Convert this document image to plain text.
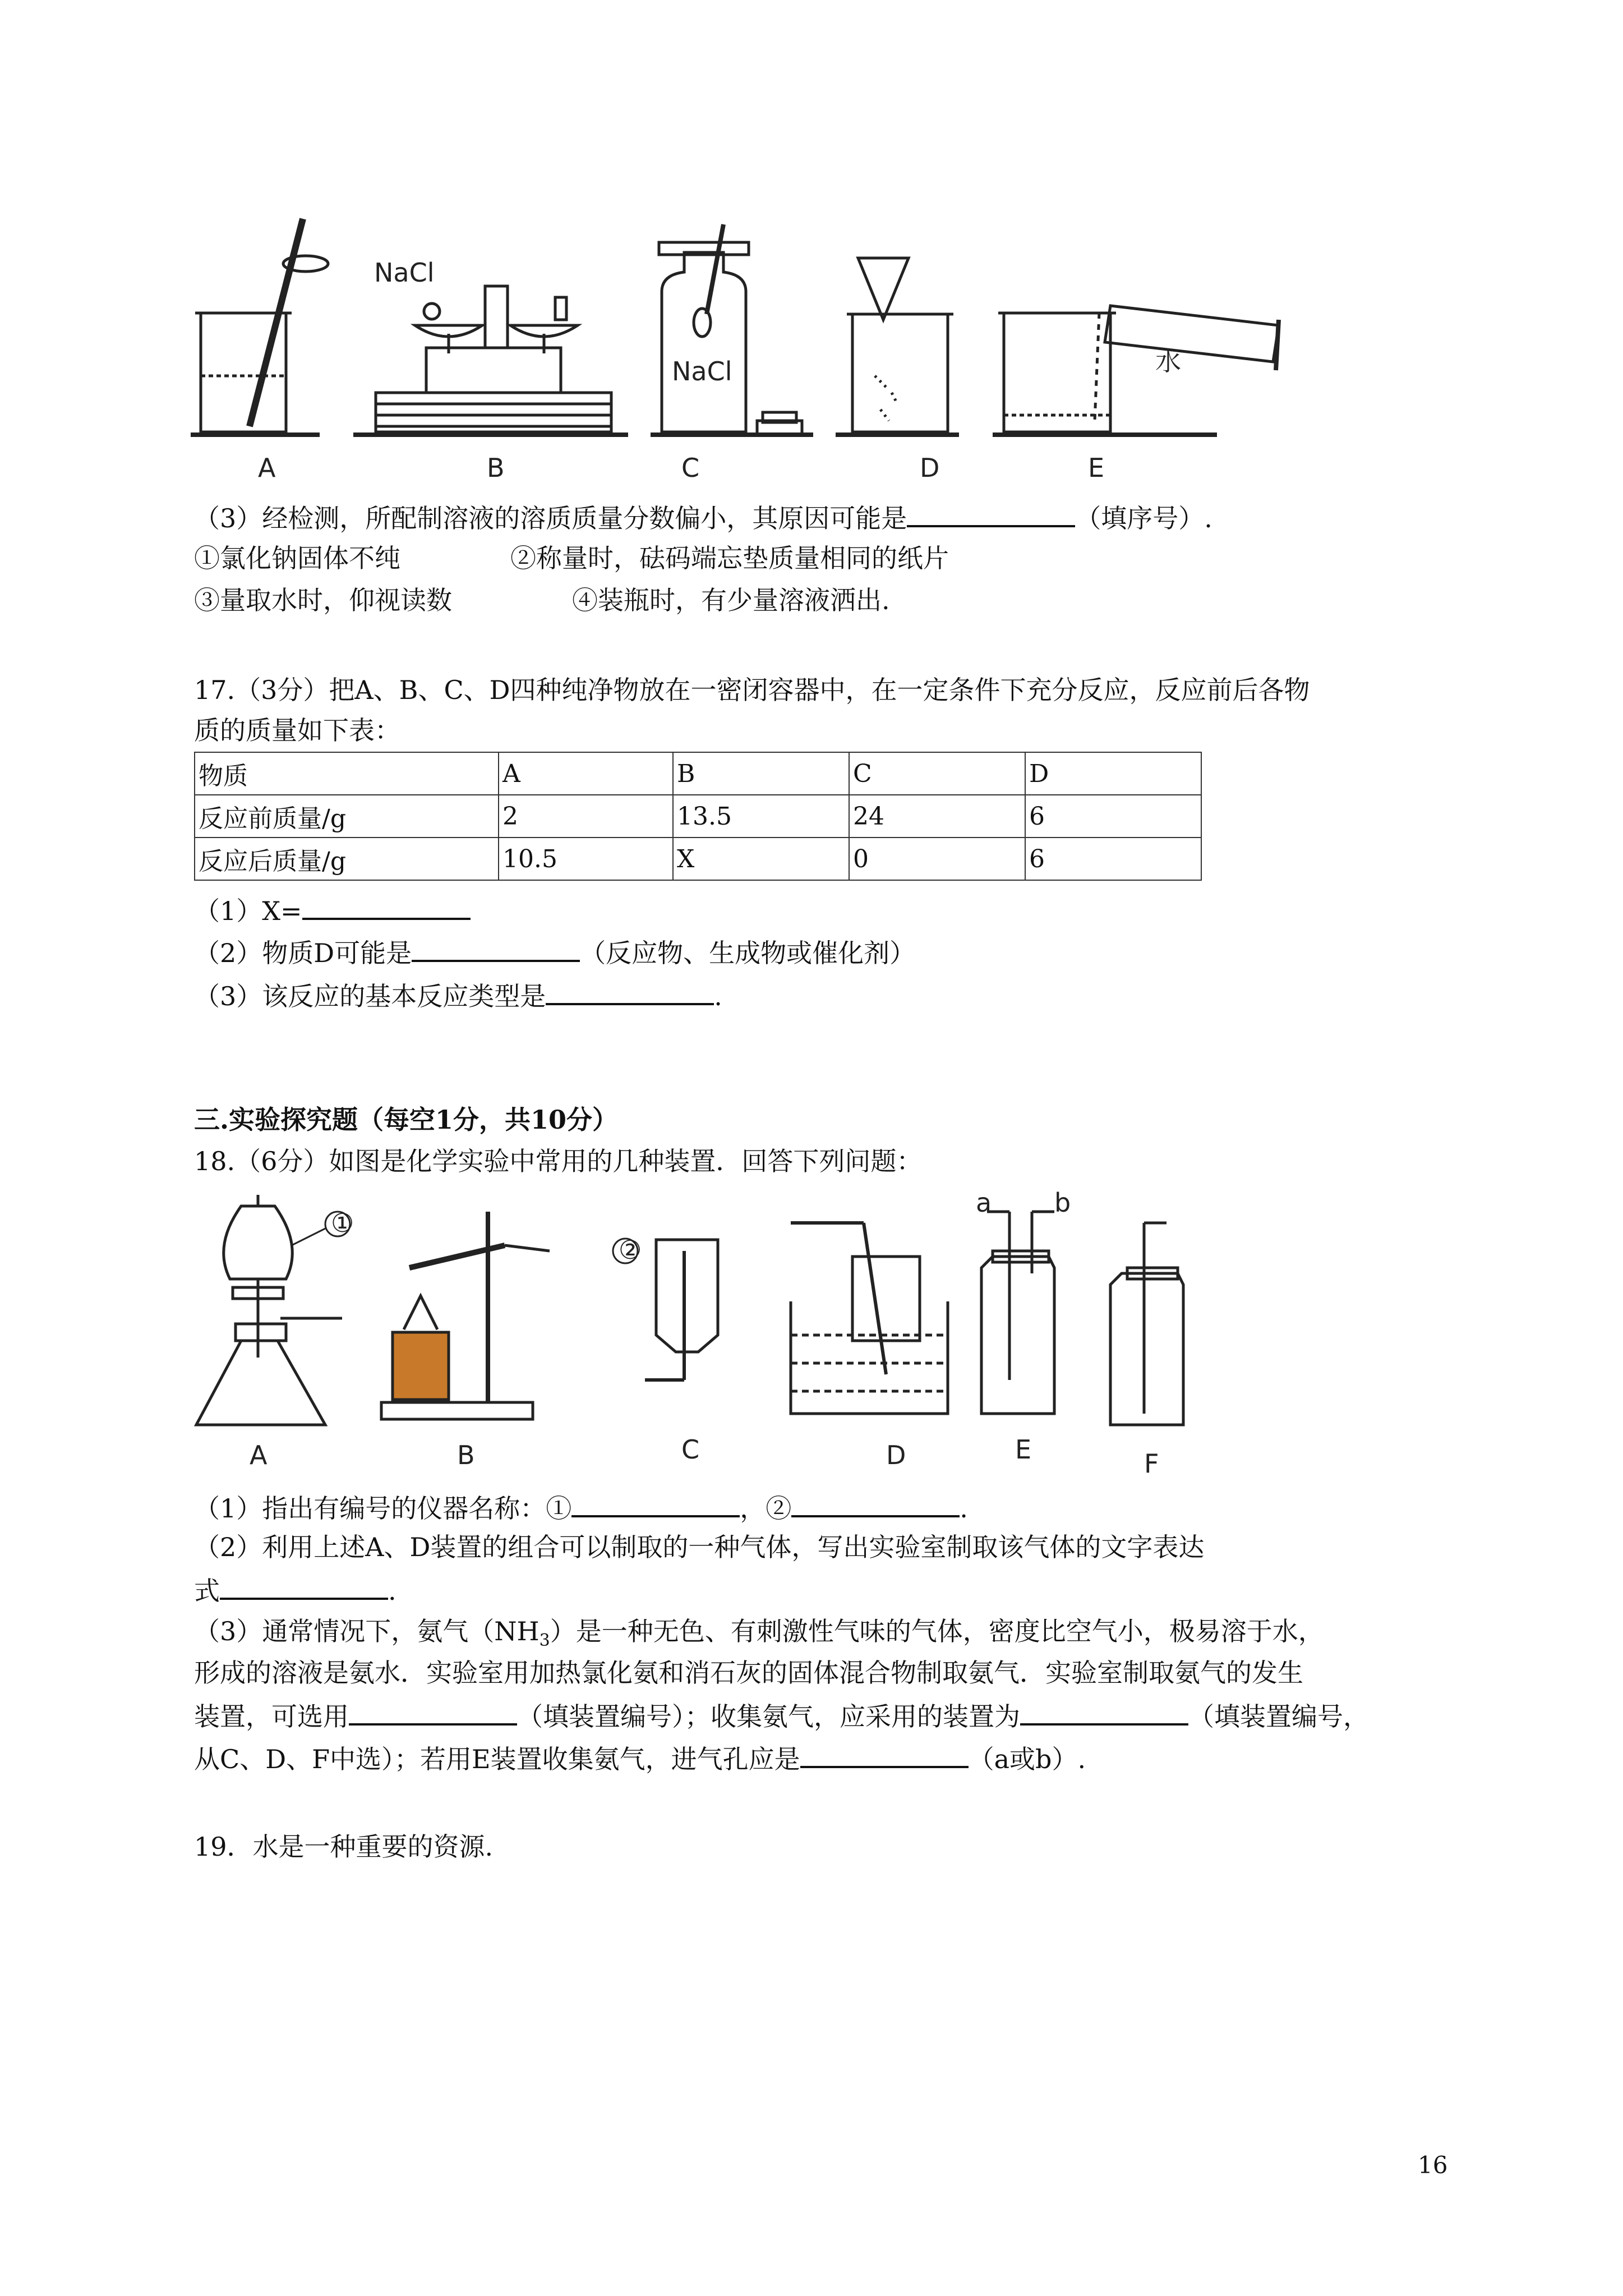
NaCl
NaCl	水
A	B	C	D	E
（3）经检测，所配制溶液的溶质质量分数偏小，其原因可能是	（填序号）.
①氯化钠固体不纯	②称量时，砝码端忘垫质量相同的纸片
③量取水时，仰视读数	④装瓶时，有少量溶液洒出.
17.（3分）把A、B、C、D四种纯净物放在一密闭容器中，在一定条件下充分反应，反应前后各物
质的质量如下表：
物质	A	B	C	D
反应前质量/g	2	13.5	24	6
反应后质量/g	10.5	X	0	6
（1）X=
（2）物质D可能是	（反应物、生成物或催化剂）
（3）该反应的基本反应类型是	.
三.实验探究题（每空1分，共10分）
18.（6分）如图是化学实验中常用的几种装置．回答下列问题：
①
②
a b
A	B	C	D	E	F
（1）指出有编号的仪器名称：①	，②	.
（2）利用上述A、D装置的组合可以制取的一种气体，写出实验室制取该气体的文字表达
式	.
（3）通常情况下，氨气$(NH_3)$是一种无色、有刺激性气味的气体，密度比空气小，极易溶于水，
形成的溶液是氨水．实验室用加热氯化氨和消石灰的固体混合物制取氨气．实验室制取氨气的发生
装置，可选用	（填装置编号）；收集氨气，应采用的装置为	（填装置编号，
从C、D、F中选）；若用E装置收集氨气，进气孔应是	（a或b）.
19．水是一种重要的资源.
16
